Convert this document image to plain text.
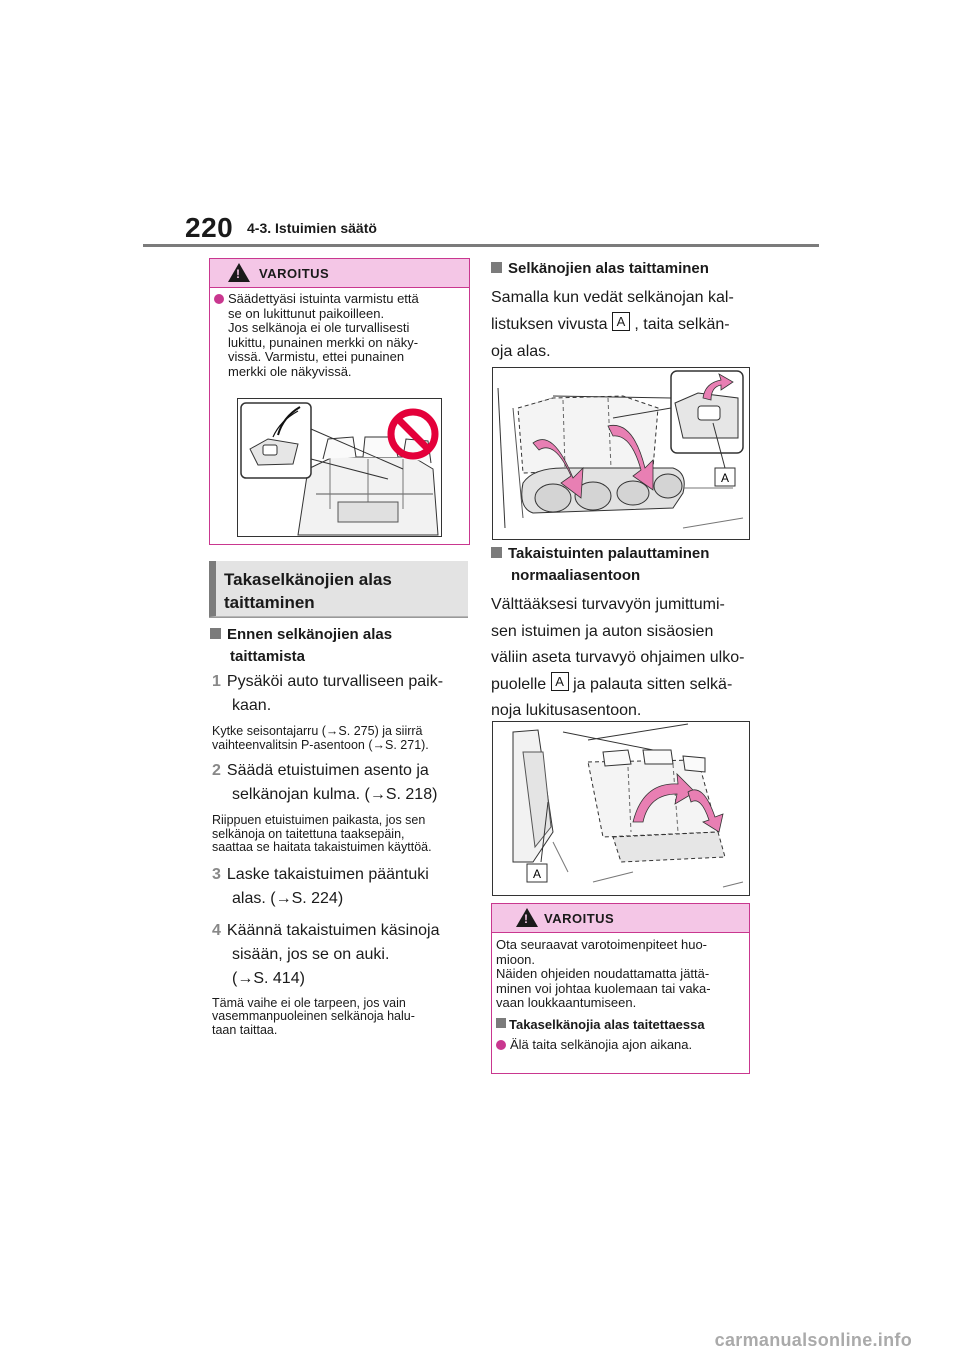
220 4-3. Istuimien säätö
!
VAROITUS
Säädettyäsi istuinta varmistu että
se on lukittunut paikoilleen.
Jos selkänoja ei ole turvallisesti
lukittu, punainen merkki on näky-
vissä. Varmistu, ettei punainen
merkki ole näkyvissä.
Takaselkänojien alas
taittaminen
Ennen selkänojien alas
taittamista
1 Pysäköi auto turvalliseen paik-
kaan.
Kytke seisontajarru (→S. 275) ja siirrä
vaihteenvalitsin P-asentoon (→S. 271).
2 Säädä etuistuimen asento ja
selkänojan kulma. (→S. 218)
Riippuen etuistuimen paikasta, jos sen
selkänoja on taitettuna taaksepäin,
saattaa se haitata takaistuimen käyttöä.
3 Laske takaistuimen pääntuki
alas. (→S. 224)
4 Käännä takaistuimen käsinoja
sisään, jos se on auki.
(→S. 414)
Tämä vaihe ei ole tarpeen, jos vain
vasemmanpuoleinen selkänoja halu-
taan taittaa.
Selkänojien alas taittaminen
Samalla kun vedät selkänojan kal-
listuksen vivusta A , taita selkän-
oja alas.
A
Takaistuinten palauttaminen
normaaliasentoon
Välttääksesi turvavyön jumittumi-
sen istuimen ja auton sisäosien
väliin aseta turvavyö ohjaimen ulko-
puolelle A ja palauta sitten selkä-
noja lukitusasentoon.
A
!
VAROITUS
Ota seuraavat varotoimenpiteet huo-
mioon.
Näiden ohjeiden noudattamatta jättä-
minen voi johtaa kuolemaan tai vaka-
vaan loukkaantumiseen.
Takaselkänojia alas taitettaessa
Älä taita selkänojia ajon aikana.
carmanualsonline.info
